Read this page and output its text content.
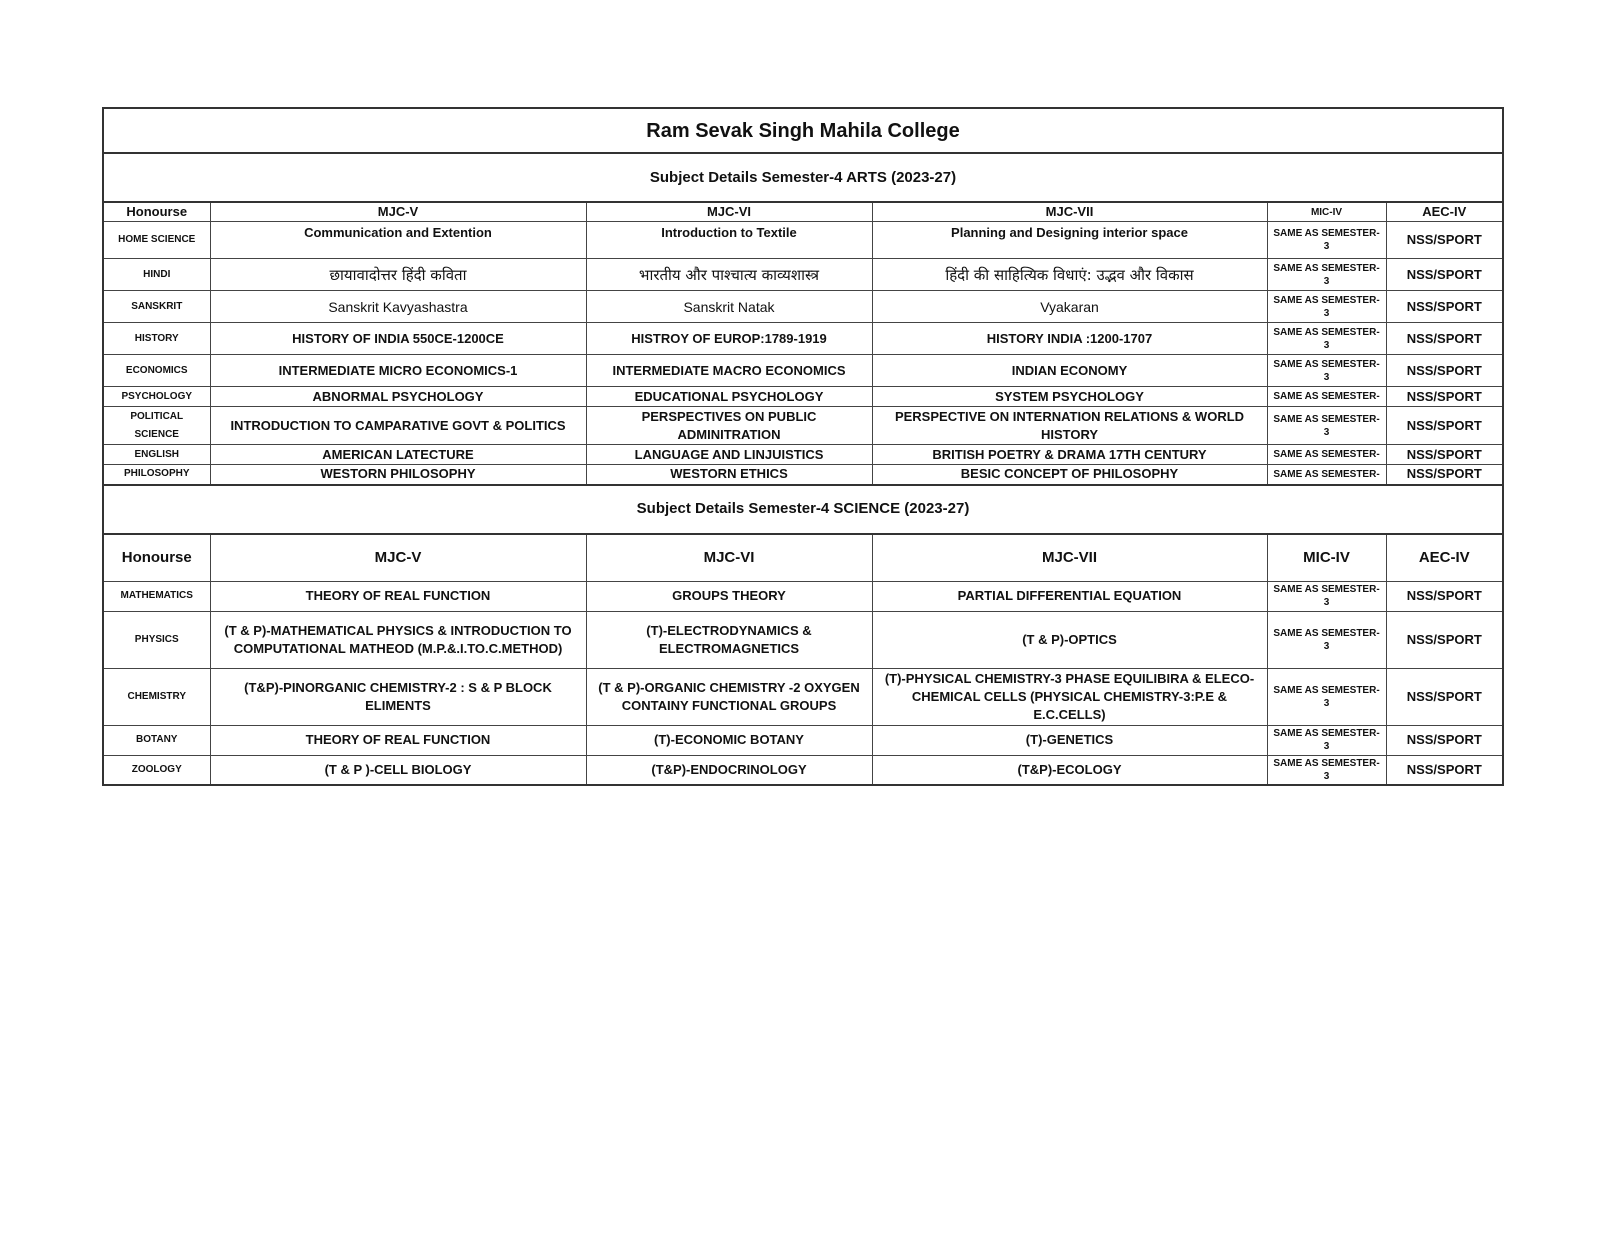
Ram Sevak Singh Mahila College					
Subject Details Semester-4 ARTS (2023-27)					
Honourse	MJC-V	MJC-VI	MJC-VII	MIC-IV	AEC-IV
HOME SCIENCE	Communication and Extention	Introduction to Textile	Planning and Designing interior space	SAME AS SEMESTER-3	NSS/SPORT
HINDI	छायावादोत्तर हिंदी कविता	भारतीय और पाश्चात्य काव्यशास्त्र	हिंदी की साहित्यिक विधाएं: उद्भव और विकास	SAME AS SEMESTER-3	NSS/SPORT
SANSKRIT	Sanskrit Kavyashastra	Sanskrit Natak	Vyakaran	SAME AS SEMESTER-3	NSS/SPORT
HISTORY	HISTORY OF INDIA 550CE-1200CE	HISTROY OF EUROP:1789-1919	HISTORY INDIA :1200-1707	SAME AS SEMESTER-3	NSS/SPORT
ECONOMICS	INTERMEDIATE MICRO ECONOMICS-1	INTERMEDIATE MACRO ECONOMICS	INDIAN ECONOMY	SAME AS SEMESTER-3	NSS/SPORT
PSYCHOLOGY	ABNORMAL PSYCHOLOGY	EDUCATIONAL PSYCHOLOGY	SYSTEM PSYCHOLOGY	SAME AS SEMESTER-	NSS/SPORT
POLITICAL SCIENCE	INTRODUCTION TO CAMPARATIVE GOVT & POLITICS	PERSPECTIVES ON PUBLIC ADMINITRATION	PERSPECTIVE ON INTERNATION RELATIONS & WORLD HISTORY	SAME AS SEMESTER-3	NSS/SPORT
ENGLISH	AMERICAN LATECTURE	LANGUAGE AND LINJUISTICS	BRITISH POETRY & DRAMA 17TH CENTURY	SAME AS SEMESTER-	NSS/SPORT
PHILOSOPHY	WESTORN PHILOSOPHY	WESTORN ETHICS	BESIC CONCEPT OF PHILOSOPHY	SAME AS SEMESTER-	NSS/SPORT
Subject Details Semester-4 SCIENCE (2023-27)					
Honourse	MJC-V	MJC-VI	MJC-VII	MIC-IV	AEC-IV
MATHEMATICS	THEORY OF REAL FUNCTION	GROUPS THEORY	PARTIAL DIFFERENTIAL EQUATION	SAME AS SEMESTER-3	NSS/SPORT
PHYSICS	(T & P)-MATHEMATICAL PHYSICS & INTRODUCTION TO COMPUTATIONAL MATHEOD (M.P.&.I.TO.C.METHOD)	(T)-ELECTRODYNAMICS & ELECTROMAGNETICS	(T & P)-OPTICS	SAME AS SEMESTER-3	NSS/SPORT
CHEMISTRY	(T&P)-PINORGANIC CHEMISTRY-2 : S & P BLOCK ELIMENTS	(T & P)-ORGANIC CHEMISTRY -2 OXYGEN CONTAINY FUNCTIONAL GROUPS	(T)-PHYSICAL CHEMISTRY-3 PHASE EQUILIBIRA & ELECO-CHEMICAL CELLS (PHYSICAL CHEMISTRY-3:P.E & E.C.CELLS)	SAME AS SEMESTER-3	NSS/SPORT
BOTANY	THEORY OF REAL FUNCTION	(T)-ECONOMIC BOTANY	(T)-GENETICS	SAME AS SEMESTER-3	NSS/SPORT
ZOOLOGY	(T & P )-CELL BIOLOGY	(T&P)-ENDOCRINOLOGY	(T&P)-ECOLOGY	SAME AS SEMESTER-3	NSS/SPORT
